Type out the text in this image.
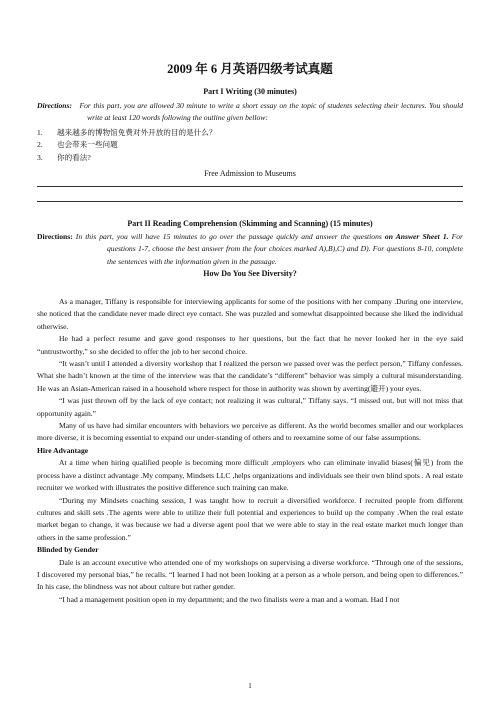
2009 年 6 月英语四级考试真题
Part I Writing (30 minutes)
Directions: For this part, you are allowed 30 minute to write a short essay on the topic of students selecting their lectures. You should write at least 120 words following the outline given bellow:
1.	越来越多的博物馆免费对外开放的目的是什么？
2.	也会带来一些问题
3.	你的看法?
Free Admission to Museums
Part II Reading Comprehension (Skimming and Scanning) (15 minutes)
Directions: In this part, you will have 15 minutes to go over the passage quickly and answer the questions on Answer Sheet 1. For questions 1-7, choose the best answer from the four choices marked A),B),C) and D). For questions 8-10, complete the sentences with the information given in the passage.
How Do You See Diversity?

As a manager, Tiffany is responsible for interviewing applicants for some of the positions with her company .During one interview, she noticed that the candidate never made direct eye contact. She was puzzled and somewhat disappointed because she liked the individual otherwise.

He had a perfect resume and gave good responses to her questions, but the fact that he never looked her in the eye said “untrustworthy,” so she decided to offer the job to her second choice.

“It wasn’t until I attended a diversity workshop that I realized the person we passed over was the perfect person,” Tiffany confesses. What she hadn’t known at the time of the interview was that the candidate’s “different” behavior was simply a cultural misunderstanding. He was an Asian-American raised in a household where respect for those in authority was shown by averting(避开) your eyes.

“I was just thrown off by the lack of eye contact; not realizing it was cultural,” Tiffany says. “I missed out, but will not miss that opportunity again.”

Many of us have had similar encounters with behaviors we perceive as different. As the world becomes smaller and our workplaces more diverse, it is becoming essential to expand our under-standing of others and to reexamine some of our false assumptions.

Hire Advantage

At a time when hiring qualified people is becoming more difficult ,employers who can eliminate invalid biases(偏见) from the process have a distinct advantage .My company, Mindsets LLC ,helps organizations and individuals see their own blind spots . A real estate recruiter we worked with illustrates the positive difference such training can make.

“During my Mindsets coaching session, I was taught how to recruit a diversified workforce. I recruited people from different cultures and skill sets .The agents were able to utilize their full potential and experiences to build up the company .When the real estate market began to change, it was because we had a diverse agent pool that we were able to stay in the real estate market much longer than others in the same profession.”

Blinded by Gender

Dale is an account executive who attended one of my workshops on supervising a diverse workforce. “Through one of the sessions, I discovered my personal bias,” he recalls. “I learned I had not been looking at a person as a whole person, and being open to differences.” In his case, the blindness was not about culture but rather gender.

“I had a management position open in my department; and the two finalists were a man and a woman. Had I not

1
